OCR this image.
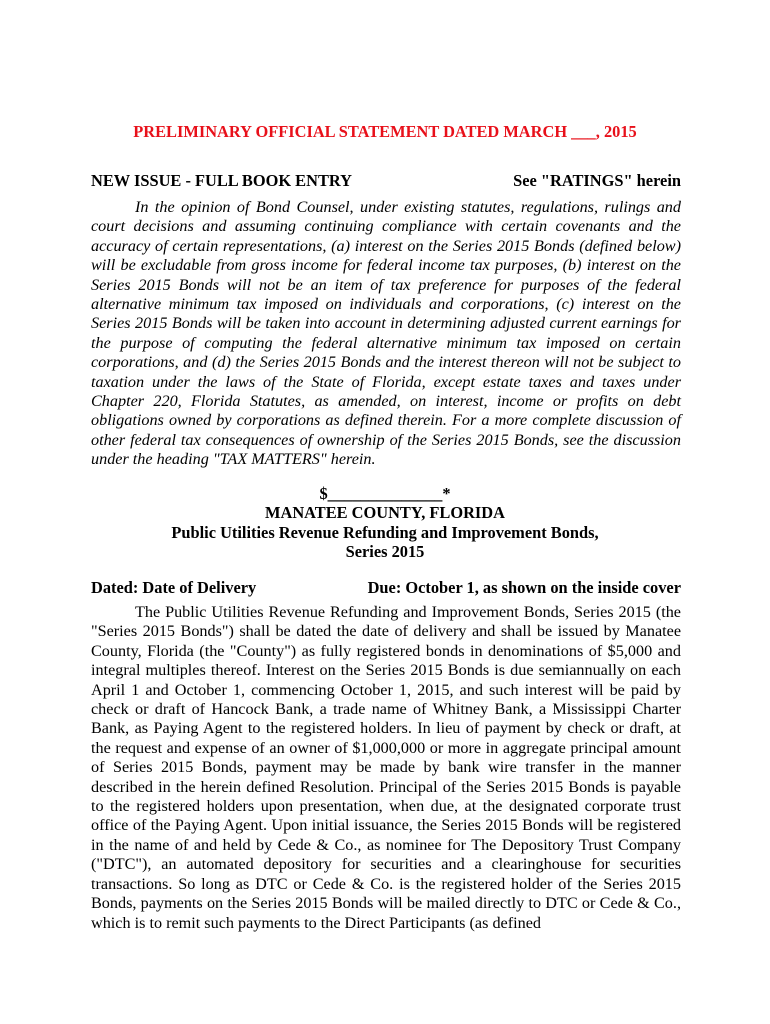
PRELIMINARY OFFICIAL STATEMENT DATED MARCH ___, 2015
NEW ISSUE - FULL BOOK ENTRY	See "RATINGS" herein

In the opinion of Bond Counsel, under existing statutes, regulations, rulings and court decisions and assuming continuing compliance with certain covenants and the accuracy of certain representations, (a) interest on the Series 2015 Bonds (defined below) will be excludable from gross income for federal income tax purposes, (b) interest on the Series 2015 Bonds will not be an item of tax preference for purposes of the federal alternative minimum tax imposed on individuals and corporations, (c) interest on the Series 2015 Bonds will be taken into account in determining adjusted current earnings for the purpose of computing the federal alternative minimum tax imposed on certain corporations, and (d) the Series 2015 Bonds and the interest thereon will not be subject to taxation under the laws of the State of Florida, except estate taxes and taxes under Chapter 220, Florida Statutes, as amended, on interest, income or profits on debt obligations owned by corporations as defined therein. For a more complete discussion of other federal tax consequences of ownership of the Series 2015 Bonds, see the discussion under the heading "TAX MATTERS" herein.

$______________*
MANATEE COUNTY, FLORIDA
Public Utilities Revenue Refunding and Improvement Bonds,
Series 2015
Dated: Date of Delivery	Due: October 1, as shown on the inside cover

The Public Utilities Revenue Refunding and Improvement Bonds, Series 2015 (the "Series 2015 Bonds") shall be dated the date of delivery and shall be issued by Manatee County, Florida (the "County") as fully registered bonds in denominations of $5,000 and integral multiples thereof. Interest on the Series 2015 Bonds is due semiannually on each April 1 and October 1, commencing October 1, 2015, and such interest will be paid by check or draft of Hancock Bank, a trade name of Whitney Bank, a Mississippi Charter Bank, as Paying Agent to the registered holders. In lieu of payment by check or draft, at the request and expense of an owner of $1,000,000 or more in aggregate principal amount of Series 2015 Bonds, payment may be made by bank wire transfer in the manner described in the herein defined Resolution. Principal of the Series 2015 Bonds is payable to the registered holders upon presentation, when due, at the designated corporate trust office of the Paying Agent. Upon initial issuance, the Series 2015 Bonds will be registered in the name of and held by Cede & Co., as nominee for The Depository Trust Company ("DTC"), an automated depository for securities and a clearinghouse for securities transactions. So long as DTC or Cede & Co. is the registered holder of the Series 2015 Bonds, payments on the Series 2015 Bonds will be mailed directly to DTC or Cede & Co., which is to remit such payments to the Direct Participants (as defined
